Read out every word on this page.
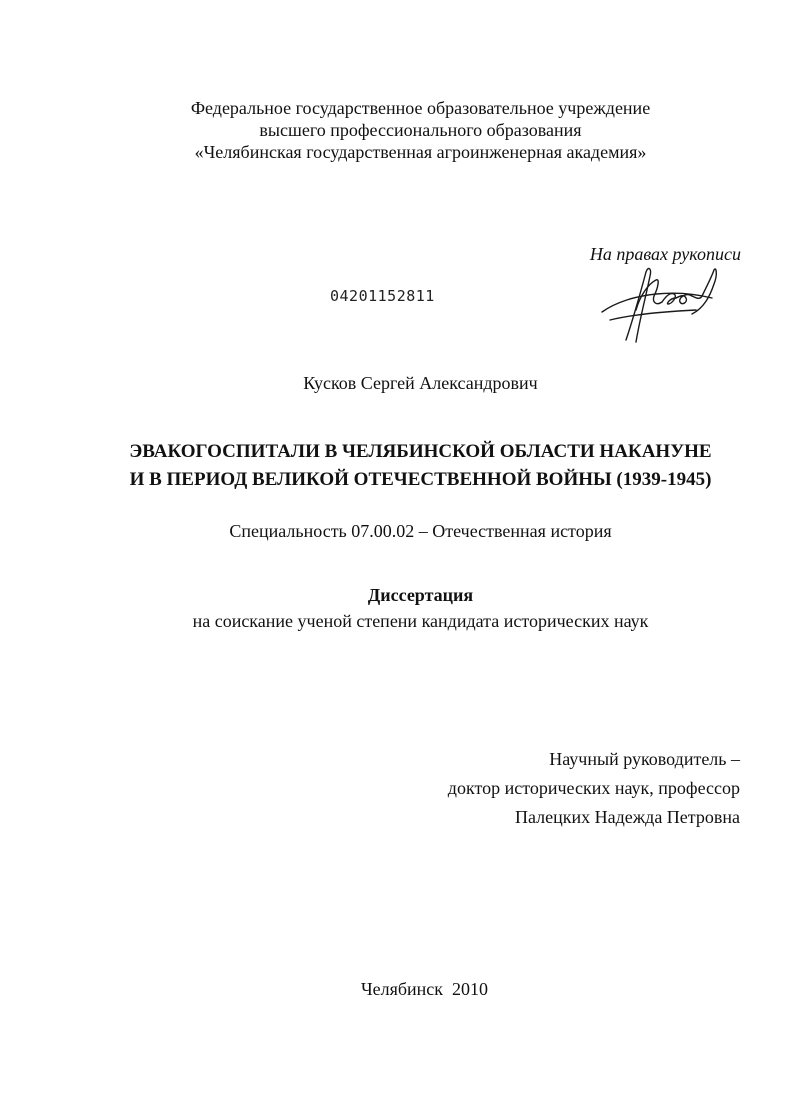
Федеральное государственное образовательное учреждение
высшего профессионального образования
«Челябинская государственная агроинженерная академия»
На правах рукописи
04201152811
Кусков Сергей Александрович
ЭВАКОГОСПИТАЛИ В ЧЕЛЯБИНСКОЙ ОБЛАСТИ НАКАНУНЕ
И В ПЕРИОД ВЕЛИКОЙ ОТЕЧЕСТВЕННОЙ ВОЙНЫ (1939-1945)
Специальность 07.00.02 – Отечественная история
Диссертация
на соискание ученой степени кандидата исторических наук
Научный руководитель –
доктор исторических наук, профессор
Палецких Надежда Петровна
Челябинск  2010
